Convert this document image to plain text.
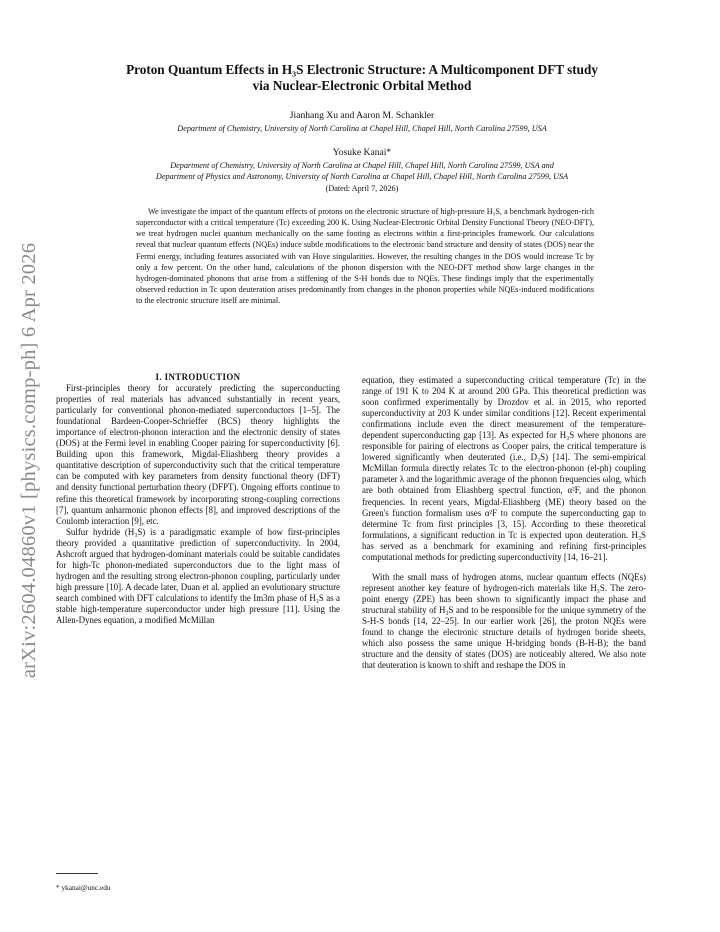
arXiv:2604.04860v1 [physics.comp-ph] 6 Apr 2026
Proton Quantum Effects in H₃S Electronic Structure: A Multicomponent DFT study
via Nuclear-Electronic Orbital Method
Jianhang Xu and Aaron M. Schankler
Department of Chemistry, University of North Carolina at Chapel Hill, Chapel Hill, North Carolina 27599, USA
Yosuke Kanai*
Department of Chemistry, University of North Carolina at Chapel Hill, Chapel Hill, North Carolina 27599, USA and
Department of Physics and Astronomy, University of North Carolina at Chapel Hill, Chapel Hill, North Carolina 27599, USA
(Dated: April 7, 2026)
We investigate the impact of the quantum effects of protons on the electronic structure of high-pressure H₃S, a benchmark hydrogen-rich superconductor with a critical temperature (Tc) exceeding 200 K. Using Nuclear-Electronic Orbital Density Functional Theory (NEO-DFT), we treat hydrogen nuclei quantum mechanically on the same footing as electrons within a first-principles framework. Our calculations reveal that nuclear quantum effects (NQEs) induce subtle modifications to the electronic band structure and density of states (DOS) near the Fermi energy, including features associated with van Hove singularities. However, the resulting changes in the DOS would increase Tc by only a few percent. On the other hand, calculations of the phonon dispersion with the NEO-DFT method show large changes in the hydrogen-dominated phonons that arise from a stiffening of the S-H bonds due to NQEs. These findings imply that the experimentally observed reduction in Tc upon deuteration arises predominantly from changes in the phonon properties while NQEs-induced modifications to the electronic structure itself are minimal.

I. INTRODUCTION

First-principles theory for accurately predicting the superconducting properties of real materials has advanced substantially in recent years, particularly for conventional phonon-mediated superconductors [1–5]. The foundational Bardeen-Cooper-Schrieffer (BCS) theory highlights the importance of electron-phonon interaction and the electronic density of states (DOS) at the Fermi level in enabling Cooper pairing for superconductivity [6]. Building upon this framework, Migdal-Eliashberg theory provides a quantitative description of superconductivity such that the critical temperature can be computed with key parameters from density functional theory (DFT) and density functional perturbation theory (DFPT). Ongoing efforts continue to refine this theoretical framework by incorporating strong-coupling corrections [7], quantum anharmonic phonon effects [8], and improved descriptions of the Coulomb interaction [9], etc.

Sulfur hydride (H₃S) is a paradigmatic example of how first-principles theory provided a quantitative prediction of superconductivity. In 2004, Ashcroft argued that hydrogen-dominant materials could be suitable candidates for high-Tc phonon-mediated superconductors due to the light mass of hydrogen and the resulting strong electron-phonon coupling, particularly under high pressure [10]. A decade later, Duan et al. applied an evolutionary structure search combined with DFT calculations to identify the Im3m phase of H₃S as a stable high-temperature superconductor under high pressure [11]. Using the Allen-Dynes equation, a modified McMillan

equation, they estimated a superconducting critical temperature (Tc) in the range of 191 K to 204 K at around 200 GPa. This theoretical prediction was soon confirmed experimentally by Drozdov et al. in 2015, who reported superconductivity at 203 K under similar conditions [12]. Recent experimental confirmations include even the direct measurement of the temperature-dependent superconducting gap [13]. As expected for H₃S where phonons are responsible for pairing of electrons as Cooper pairs, the critical temperature is lowered significantly when deuterated (i.e., D₃S) [14]. The semi-empirical McMillan formula directly relates Tc to the electron-phonon (el-ph) coupling parameter λ and the logarithmic average of the phonon frequencies ωlog, which are both obtained from Eliashberg spectral function, α²F, and the phonon frequencies. In recent years, Migdal-Eliashberg (ME) theory based on the Green's function formalism uses α²F to compute the superconducting gap to determine Tc from first principles [3, 15]. According to these theoretical formulations, a significant reduction in Tc is expected upon deuteration. H₃S has served as a benchmark for examining and refining first-principles computational methods for predicting superconductivity [14, 16–21].

With the small mass of hydrogen atoms, nuclear quantum effects (NQEs) represent another key feature of hydrogen-rich materials like H₃S. The zero-point energy (ZPE) has been shown to significantly impact the phase and structural stability of H₃S and to be responsible for the unique symmetry of the S-H-S bonds [14, 22–25]. In our earlier work [26], the proton NQEs were found to change the electronic structure details of hydrogen boride sheets, which also possess the same unique H-bridging bonds (B-H-B); the band structure and the density of states (DOS) are noticeably altered. We also note that deuteration is known to shift and reshape the DOS in

* ykanai@unc.edu
